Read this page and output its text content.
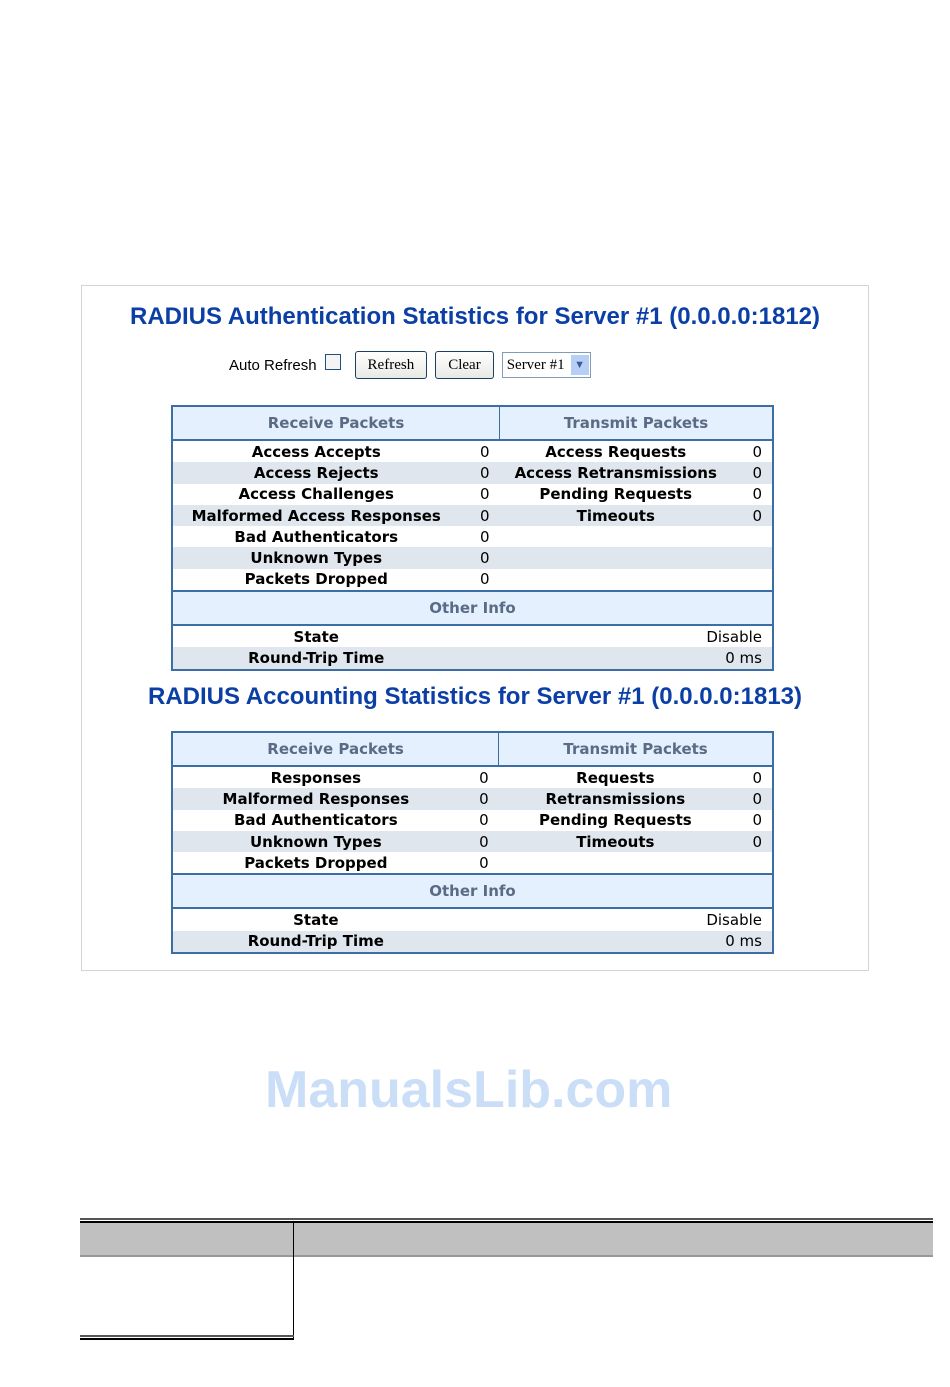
RADIUS Authentication Statistics for Server #1 (0.0.0.0:1812)
Auto Refresh	Refresh	Clear	Server #1 ▼
Receive Packets		Transmit Packets	
Access Accepts	0	Access Requests	0
Access Rejects	0	Access Retransmissions	0
Access Challenges	0	Pending Requests	0
Malformed Access Responses	0	Timeouts	0
Bad Authenticators	0		
Unknown Types	0		
Packets Dropped	0		
Other Info			
State	Disable		
Round-Trip Time	0 ms		
RADIUS Accounting Statistics for Server #1 (0.0.0.0:1813)
Receive Packets		Transmit Packets	
Responses	0	Requests	0
Malformed Responses	0	Retransmissions	0
Bad Authenticators	0	Pending Requests	0
Unknown Types	0	Timeouts	0
Packets Dropped	0		
Other Info			
State	Disable		
Round-Trip Time	0 ms		
ManualsLib.com
